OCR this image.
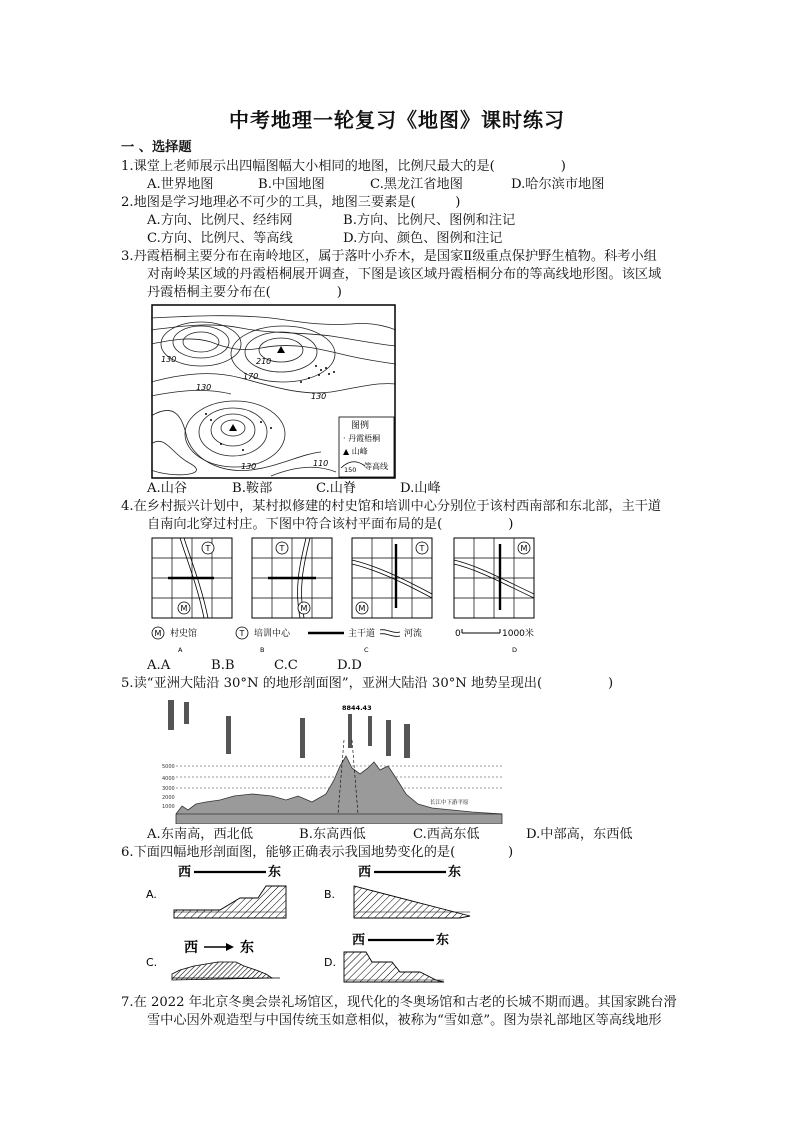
中考地理一轮复习《地图》课时练习
一 、选择题
1.课堂上老师展示出四幅图幅大小相同的地图，比例尺最大的是(　　　　　)
A.世界地图	B.中国地图	C.黑龙江省地图	D.哈尔滨市地图
2.地图是学习地理必不可少的工具，地图三要素是(　　　)
A.方向、比例尺、经纬网	B.方向、比例尺、图例和注记
C.方向、比例尺、等高线	D.方向、颜色、图例和注记
3.丹霞梧桐主要分布在南岭地区，属于落叶小乔木，是国家Ⅱ级重点保护野生植物。科考小组
对南岭某区域的丹霞梧桐展开调查，下图是该区域丹霞梧桐分布的等高线地形图。该区域
丹霞梧桐主要分布在(　　　　　)
210
170
130
130
130
130	110
图例
· 丹霞梧桐
▲ 山峰
150 等高线
A.山谷	B.鞍部	C.山脊	D.山峰
4.在乡村振兴计划中，某村拟修建的村史馆和培训中心分别位于该村西南部和东北部，主干道
自南向北穿过村庄。下图中符合该村平面布局的是(　　　　　)
T
M
T
M
T
M
M
M 村史馆	T 培训中心	主干道	河流	0	1000米
A	B	C	D
A.A	B.B	C.C	D.D
5.读“亚洲大陆沿 30°N 的地形剖面图”，亚洲大陆沿 30°N 地势呈现出(　　　　　)
8844.43
5000
4000
3000
2000
1000
长江中下游平原
A.东南高，西北低	B.东高西低	C.西高东低	D.中部高，东西低
6.下面四幅地形剖面图，能够正确表示我国地势变化的是(　　　　)
A.
西	东
B.
西	东
C.
西	东
D.
西	东
7.在 2022 年北京冬奥会崇礼场馆区，现代化的冬奥场馆和古老的长城不期而遇。其国家跳台滑
雪中心因外观造型与中国传统玉如意相似，被称为“雪如意”。图为崇礼部地区等高线地形
